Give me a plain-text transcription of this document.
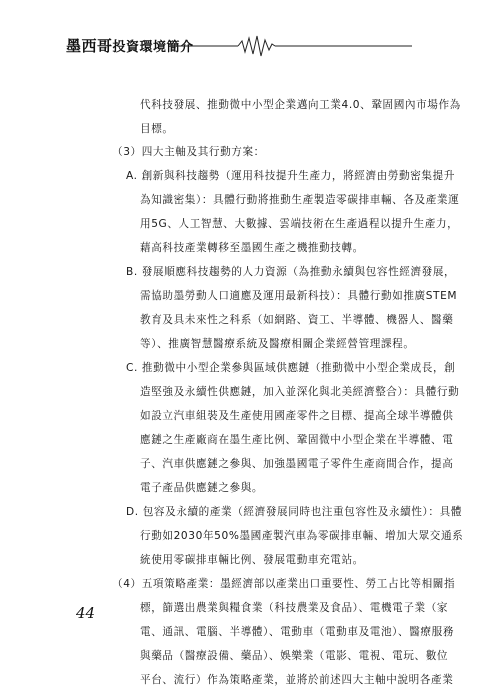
墨西哥投資環境簡介
代科技發展、推動微中小型企業邁向工業4.0、鞏固國內市場作為
目標。
（3）四大主軸及其行動方案：
A. 創新與科技趨勢（運用科技提升生產力，將經濟由勞動密集提升
為知識密集）：具體行動將推動生產製造零碳排車輛、各及產業運
用5G、人工智慧、大數據、雲端技術在生產過程以提升生產力，
藉高科技產業轉移至墨國生產之機推動技轉。
B. 發展順應科技趨勢的人力資源（為推動永續與包容性經濟發展，
需協助墨勞動人口適應及運用最新科技）：具體行動如推廣STEM
教育及具未來性之科系（如網路、資工、半導體、機器人、醫藥
等）、推廣智慧醫療系統及醫療相關企業經營管理課程。
C. 推動微中小型企業參與區域供應鏈（推動微中小型企業成長，創
造堅強及永續性供應鏈，加入並深化與北美經濟整合）：具體行動
如設立汽車組裝及生產使用國產零件之目標、提高全球半導體供
應鏈之生產廠商在墨生產比例、鞏固微中小型企業在半導體、電
子、汽車供應鏈之參與、加強墨國電子零件生產商間合作，提高
電子產品供應鏈之參與。
D. 包容及永續的產業（經濟發展同時也注重包容性及永續性）：具體
行動如2030年50%墨國產製汽車為零碳排車輛、增加大眾交通系
統使用零碳排車輛比例、發展電動車充電站。
（4）五項策略產業：墨經濟部以產業出口重要性、勞工占比等相關指
標，篩選出農業與糧食業（科技農業及食品）、電機電子業（家
電、通訊、電腦、半導體）、電動車（電動車及電池）、醫療服務
與藥品（醫療設備、藥品）、娛樂業（電影、電視、電玩、數位
平台、流行）作為策略產業，並將於前述四大主軸中說明各產業
44
